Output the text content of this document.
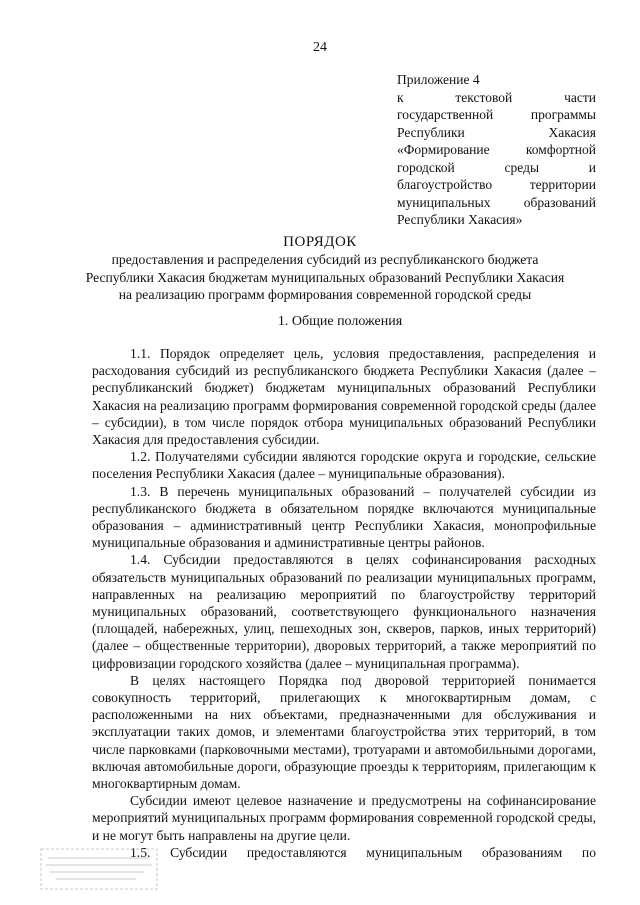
24
Приложение 4
к текстовой части
государственной программы
Республики Хакасия
«Формирование комфортной
городской среды и
благоустройство территории
муниципальных образований
Республики Хакасия»
ПОРЯДОК
предоставления и распределения субсидий из республиканского бюджета Республики Хакасия бюджетам муниципальных образований Республики Хакасия на реализацию программ формирования современной городской среды
1. Общие положения

1.1. Порядок определяет цель, условия предоставления, распределения и расходования субсидий из республиканского бюджета Республики Хакасия (далее – республиканский бюджет) бюджетам муниципальных образований Республики Хакасия на реализацию программ формирования современной городской среды (далее – субсидии), в том числе порядок отбора муниципальных образований Республики Хакасия для предоставления субсидии.

1.2. Получателями субсидии являются городские округа и городские, сельские поселения Республики Хакасия (далее – муниципальные образования).

1.3. В перечень муниципальных образований – получателей субсидии из республиканского бюджета в обязательном порядке включаются муниципальные образования – административный центр Республики Хакасия, монопрофильные муниципальные образования и административные центры районов.

1.4. Субсидии предоставляются в целях софинансирования расходных обязательств муниципальных образований по реализации муниципальных программ, направленных на реализацию мероприятий по благоустройству территорий муниципальных образований, соответствующего функционального назначения (площадей, набережных, улиц, пешеходных зон, скверов, парков, иных территорий) (далее – общественные территории), дворовых территорий, а также мероприятий по цифровизации городского хозяйства (далее – муниципальная программа).

В целях настоящего Порядка под дворовой территорией понимается совокупность территорий, прилегающих к многоквартирным домам, с расположенными на них объектами, предназначенными для обслуживания и эксплуатации таких домов, и элементами благоустройства этих территорий, в том числе парковками (парковочными местами), тротуарами и автомобильными дорогами, включая автомобильные дороги, образующие проезды к территориям, прилегающим к многоквартирным домам.

Субсидии имеют целевое назначение и предусмотрены на софинансирование мероприятий муниципальных программ формирования современной городской среды, и не могут быть направлены на другие цели.

1.5. Субсидии предоставляются муниципальным образованиям по
